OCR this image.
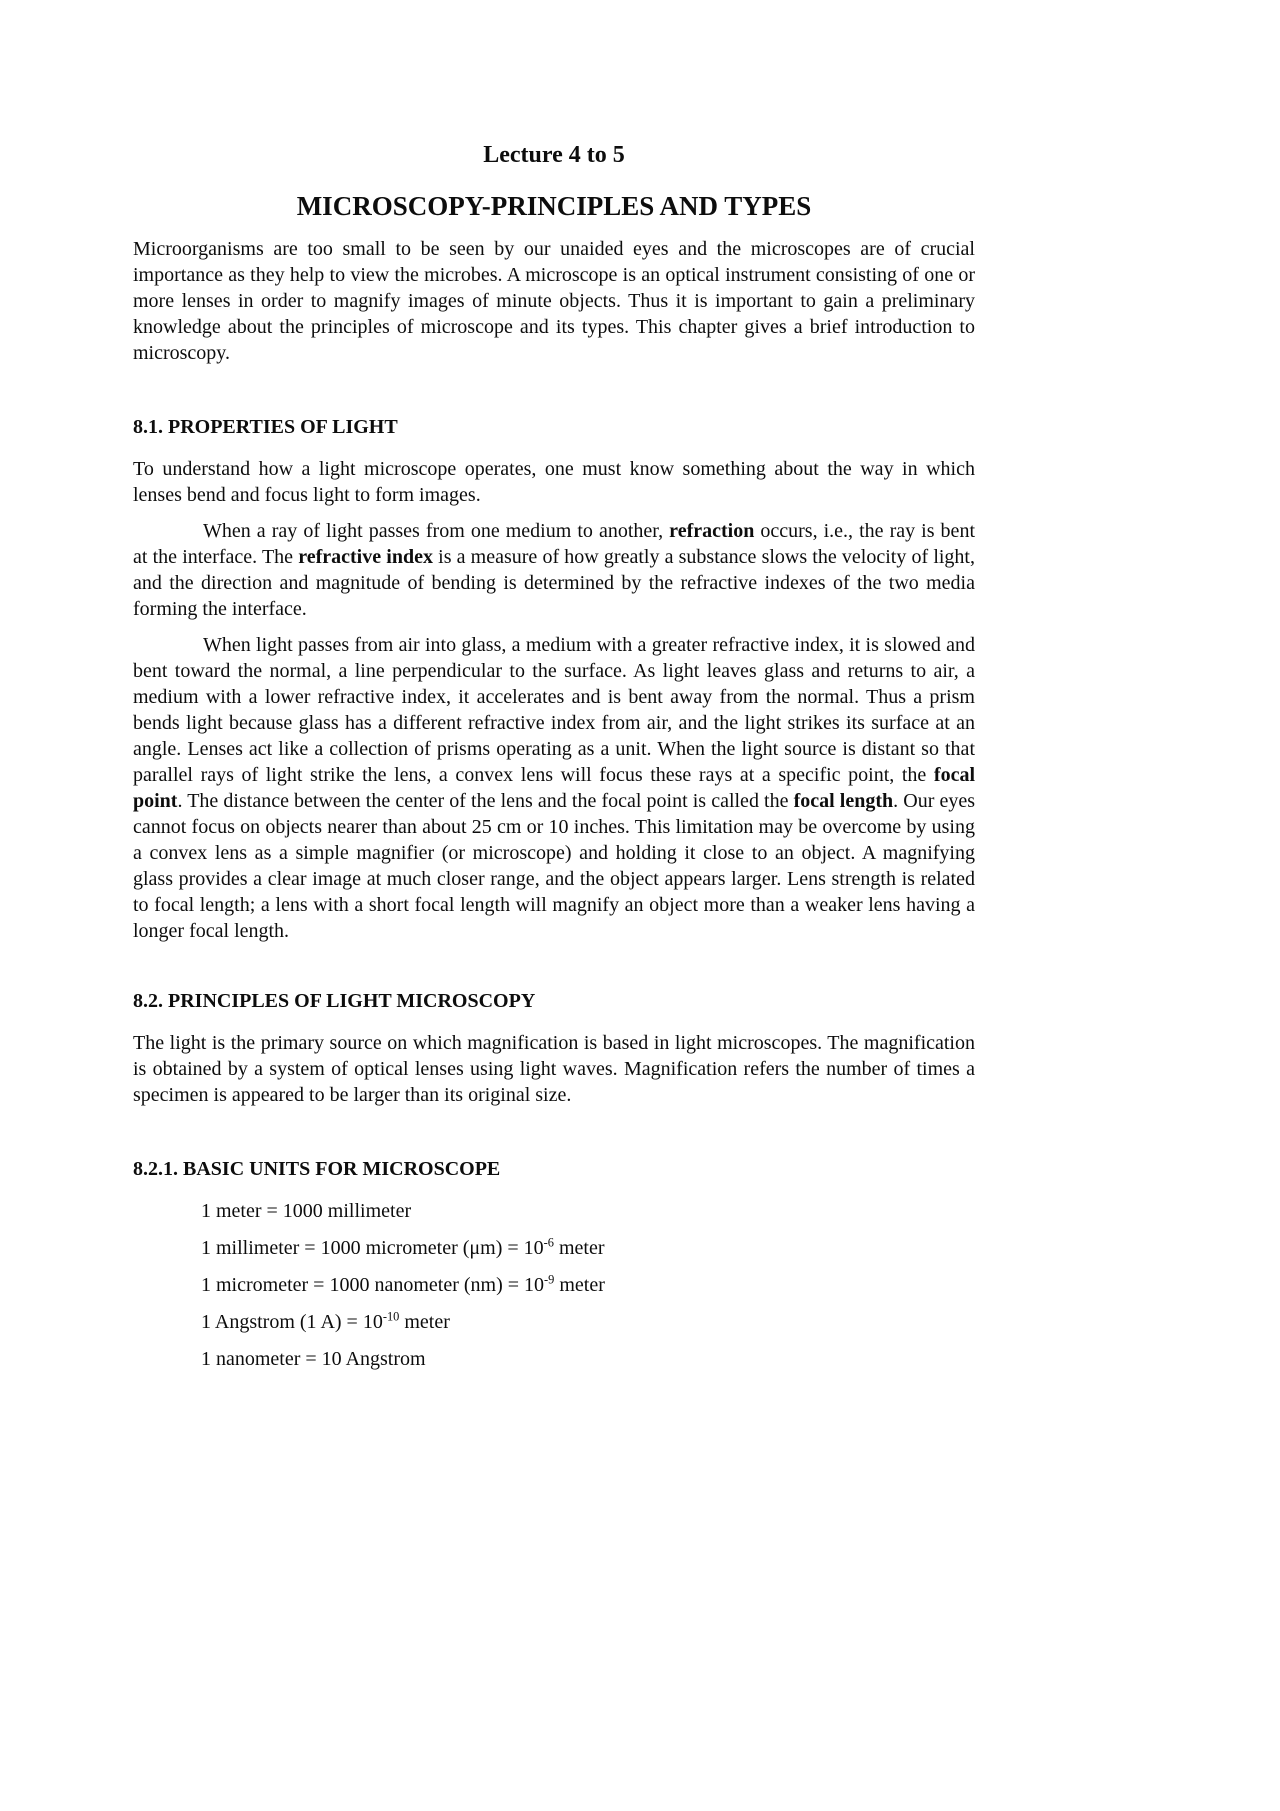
Lecture 4 to 5
MICROSCOPY-PRINCIPLES AND TYPES

Microorganisms are too small to be seen by our unaided eyes and the microscopes are of crucial importance as they help to view the microbes. A microscope is an optical instrument consisting of one or more lenses in order to magnify images of minute objects. Thus it is important to gain a preliminary knowledge about the principles of microscope and its types. This chapter gives a brief introduction to microscopy.

8.1. PROPERTIES OF LIGHT

To understand how a light microscope operates, one must know something about the way in which lenses bend and focus light to form images.

When a ray of light passes from one medium to another, refraction occurs, i.e., the ray is bent at the interface. The refractive index is a measure of how greatly a substance slows the velocity of light, and the direction and magnitude of bending is determined by the refractive indexes of the two media forming the interface.

When light passes from air into glass, a medium with a greater refractive index, it is slowed and bent toward the normal, a line perpendicular to the surface. As light leaves glass and returns to air, a medium with a lower refractive index, it accelerates and is bent away from the normal. Thus a prism bends light because glass has a different refractive index from air, and the light strikes its surface at an angle. Lenses act like a collection of prisms operating as a unit. When the light source is distant so that parallel rays of light strike the lens, a convex lens will focus these rays at a specific point, the focal point. The distance between the center of the lens and the focal point is called the focal length. Our eyes cannot focus on objects nearer than about 25 cm or 10 inches. This limitation may be overcome by using a convex lens as a simple magnifier (or microscope) and holding it close to an object. A magnifying glass provides a clear image at much closer range, and the object appears larger. Lens strength is related to focal length; a lens with a short focal length will magnify an object more than a weaker lens having a longer focal length.

8.2. PRINCIPLES OF LIGHT MICROSCOPY

The light is the primary source on which magnification is based in light microscopes. The magnification is obtained by a system of optical lenses using light waves. Magnification refers the number of times a specimen is appeared to be larger than its original size.

8.2.1. BASIC UNITS FOR MICROSCOPE

1 meter = 1000 millimeter

1 millimeter = 1000 micrometer $(\mu m) = 10^{-6}$ meter

1 micrometer = 1000 nanometer $(nm) = 10^{-9}$ meter

1 Angstrom (1 $A) = 10^{-10}$ meter

1 nanometer = 10 Angstrom
